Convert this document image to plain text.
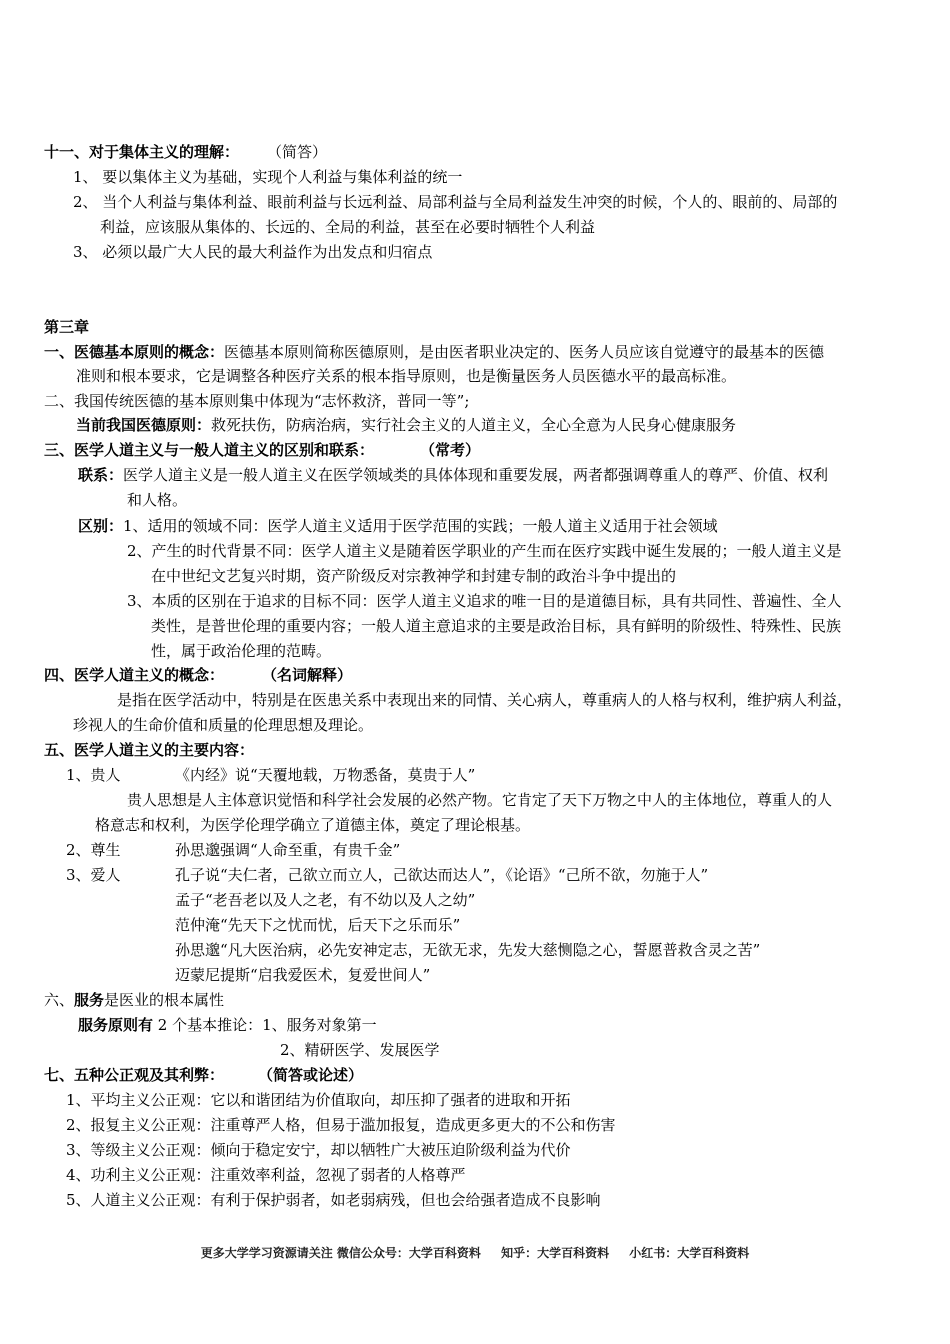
十一、对于集体主义的理解： （简答）
1、 要以集体主义为基础，实现个人利益与集体利益的统一
2、 当个人利益与集体利益、眼前利益与长远利益、局部利益与全局利益发生冲突的时候，个人的、眼前的、局部的
利益，应该服从集体的、长远的、全局的利益，甚至在必要时牺牲个人利益
3、 必须以最广大人民的最大利益作为出发点和归宿点
第三章
一、医德基本原则的概念：医德基本原则简称医德原则，是由医者职业决定的、医务人员应该自觉遵守的最基本的医德
准则和根本要求，它是调整各种医疗关系的根本指导原则，也是衡量医务人员医德水平的最高标准。
二、我国传统医德的基本原则集中体现为“志怀救济，普同一等”;
当前我国医德原则：救死扶伤，防病治病，实行社会主义的人道主义，全心全意为人民身心健康服务
三、医学人道主义与一般人道主义的区别和联系：	（常考）
联系：医学人道主义是一般人道主义在医学领域类的具体体现和重要发展，两者都强调尊重人的尊严、价值、权利
和人格。
区别：1、适用的领域不同：医学人道主义适用于医学范围的实践；一般人道主义适用于社会领域
2、产生的时代背景不同：医学人道主义是随着医学职业的产生而在医疗实践中诞生发展的；一般人道主义是
在中世纪文艺复兴时期，资产阶级反对宗教神学和封建专制的政治斗争中提出的
3、本质的区别在于追求的目标不同：医学人道主义追求的唯一目的是道德目标，具有共同性、普遍性、全人
类性，是普世伦理的重要内容；一般人道主意追求的主要是政治目标，具有鲜明的阶级性、特殊性、民族
性，属于政治伦理的范畴。
四、医学人道主义的概念：	（名词解释）
是指在医学活动中，特别是在医患关系中表现出来的同情、关心病人，尊重病人的人格与权利，维护病人利益，
珍视人的生命价值和质量的伦理思想及理论。
五、医学人道主义的主要内容：
1、贵人	《内经》说“天覆地载，万物悉备，莫贵于人”
贵人思想是人主体意识觉悟和科学社会发展的必然产物。它肯定了天下万物之中人的主体地位，尊重人的人
格意志和权利，为医学伦理学确立了道德主体，奠定了理论根基。
2、尊生	孙思邈强调“人命至重，有贵千金”
3、爱人	孔子说“夫仁者，己欲立而立人，己欲达而达人”，《论语》“己所不欲，勿施于人”
孟子“老吾老以及人之老，有不幼以及人之幼”
范仲淹“先天下之忧而忧，后天下之乐而乐”
孙思邈“凡大医治病，必先安神定志，无欲无求，先发大慈恻隐之心，誓愿普救含灵之苦”
迈蒙尼提斯“启我爱医术，复爱世间人”
六、服务是医业的根本属性
服务原则有 2 个基本推论：1、服务对象第一
2、精研医学、发展医学
七、五种公正观及其利弊： （简答或论述）
1、平均主义公正观：它以和谐团结为价值取向，却压抑了强者的进取和开拓
2、报复主义公正观：注重尊严人格，但易于滥加报复，造成更多更大的不公和伤害
3、等级主义公正观：倾向于稳定安宁，却以牺牲广大被压迫阶级利益为代价
4、功利主义公正观：注重效率利益，忽视了弱者的人格尊严
5、人道主义公正观：有利于保护弱者，如老弱病残，但也会给强者造成不良影响
更多大学学习资源请关注 微信公众号：大学百科资料 知乎：大学百科资料 小红书：大学百科资料
